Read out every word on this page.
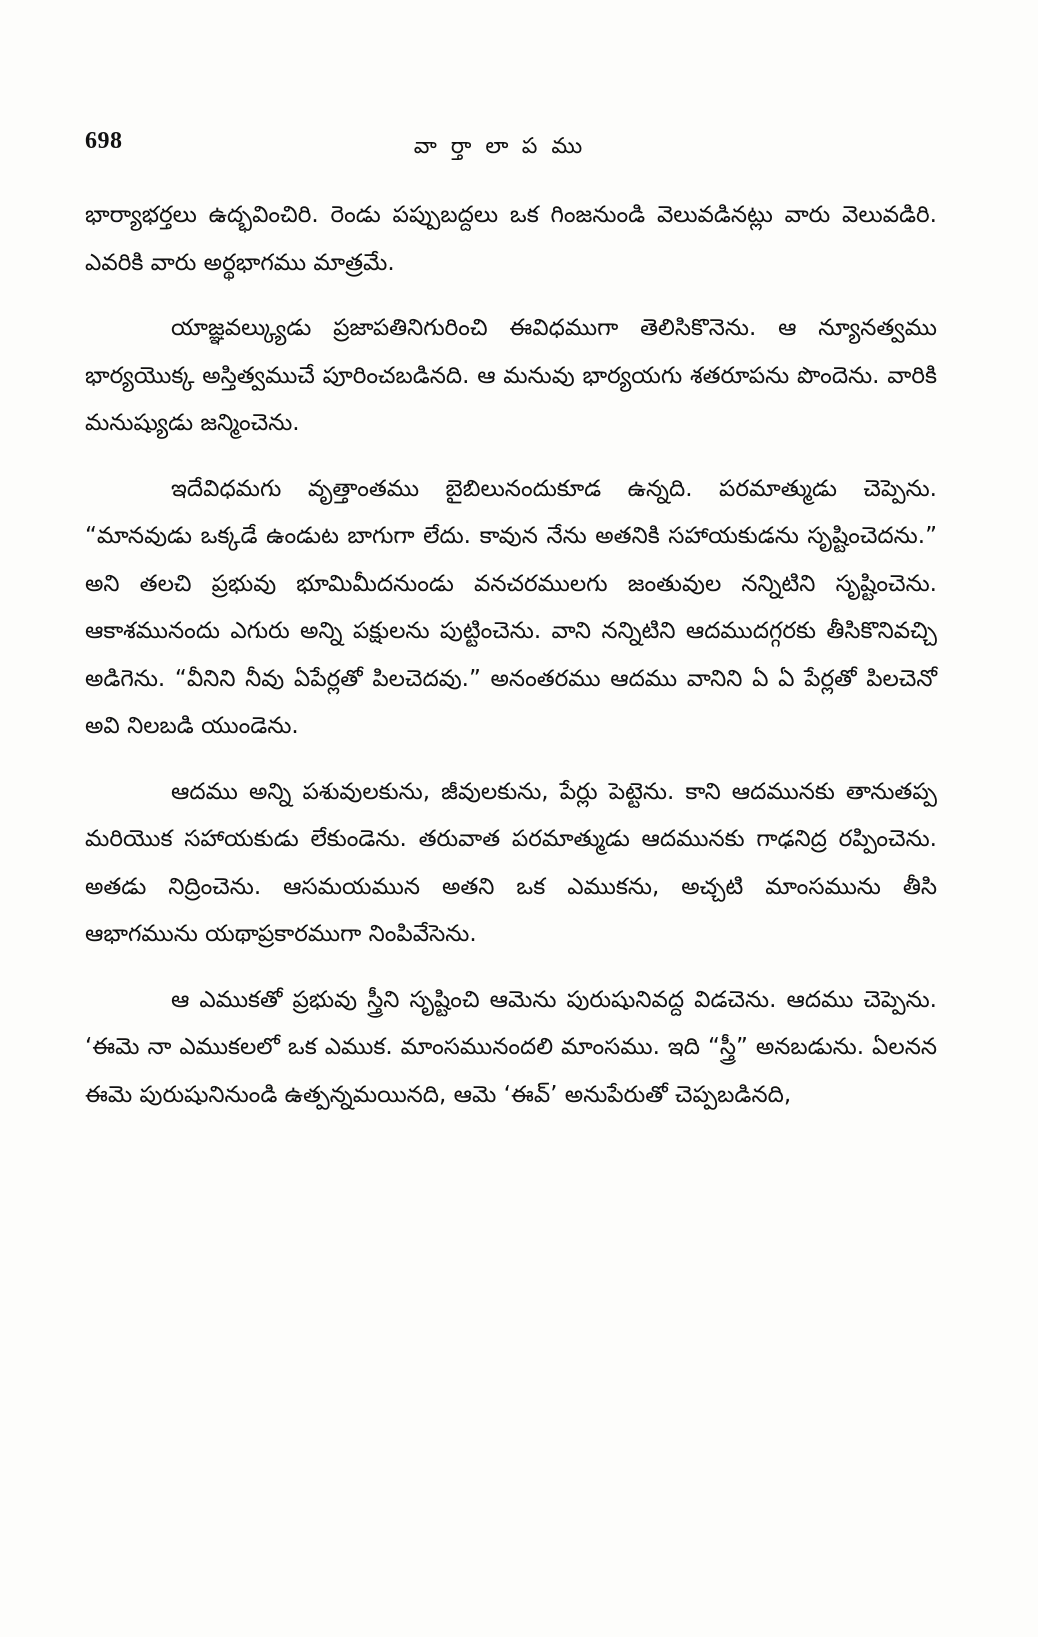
698	వార్తాలాపము

భార్యాభర్తలు ఉద్భవించిరి. రెండు పప్పుబద్దలు ఒక గింజనుండి వెలువడినట్లు వారు వెలువడిరి. ఎవరికి వారు అర్థభాగము మాత్రమే.

యాజ్ఞవల్క్యుడు ప్రజాపతినిగురించి ఈవిధముగా తెలిసికొనెను. ఆ న్యూనత్వము భార్యయొక్క అస్తిత్వముచే పూరించబడినది. ఆ మనువు భార్యయగు శతరూపను పొందెను. వారికి మనుష్యుడు జన్మించెను.

ఇదేవిధమగు వృత్తాంతము బైబిలునందుకూడ ఉన్నది. పరమాత్ముడు చెప్పెను. “మానవుడు ఒక్కడే ఉండుట బాగుగా లేదు. కావున నేను అతనికి సహాయకుడను సృష్టించెదను.” అని తలచి ప్రభువు భూమిమీదనుండు వనచరములగు జంతువుల నన్నిటిని సృష్టించెను. ఆకాశమునందు ఎగురు అన్ని పక్షులను పుట్టించెను. వాని నన్నిటిని ఆదముదగ్గరకు తీసికొనివచ్చి అడిగెను. “వీనిని నీవు ఏపేర్లతో పిలచెదవు.” అనంతరము ఆదము వానిని ఏ ఏ పేర్లతో పిలచెనో అవి నిలబడి యుండెను.

ఆదము అన్ని పశువులకును, జీవులకును, పేర్లు పెట్టెను. కాని ఆదమునకు తానుతప్ప మరియొక సహాయకుడు లేకుండెను. తరువాత పరమాత్ముడు ఆదమునకు గాఢనిద్ర రప్పించెను. అతడు నిద్రించెను. ఆసమయమున అతని ఒక ఎముకను, అచ్చటి మాంసమును తీసి ఆభాగమును యథాప్రకారముగా నింపివేసెను.

ఆ ఎముకతో ప్రభువు స్త్రీని సృష్టించి ఆమెను పురుషునివద్ద విడచెను. ఆదము చెప్పెను. ‘ఈమె నా ఎముకలలో ఒక ఎముక. మాంసమునందలి మాంసము. ఇది “స్త్రీ” అనబడును. ఏలనన ఈమె పురుషునినుండి ఉత్పన్నమయినది, ఆమె ‘ఈవ్’ అనుపేరుతో చెప్పబడినది,
